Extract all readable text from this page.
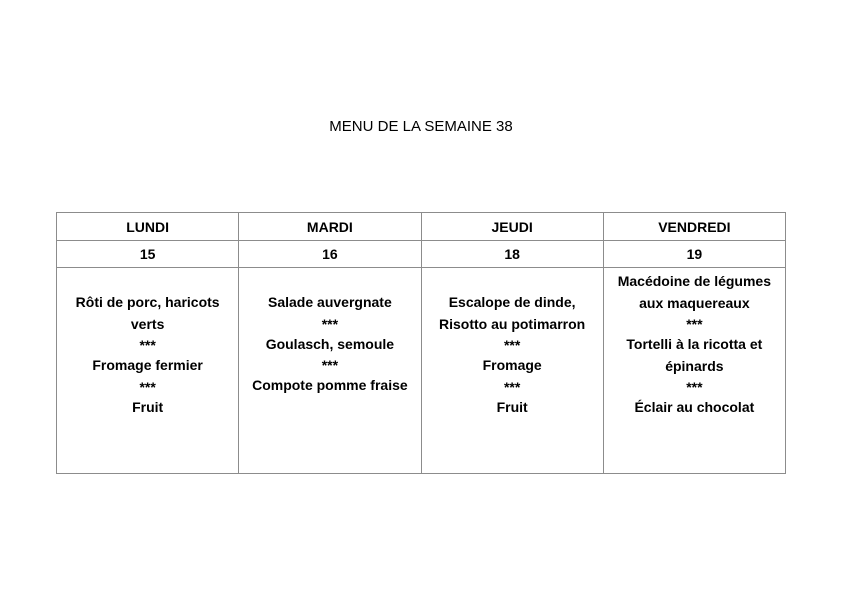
MENU DE LA SEMAINE 38
LUNDI	MARDI	JEUDI	VENDREDI
15	16	18	19

Rôti de porc, haricots verts
***
Fromage fermier
***
Fruit	Salade auvergnate
***
Goulasch, semoule
***
Compote pomme fraise	Escalope de dinde, Risotto au potimarron
***
Fromage
***
Fruit	Macédoine de légumes aux maquereaux
***
Tortelli à la ricotta et épinards
***
Éclair au chocolat
